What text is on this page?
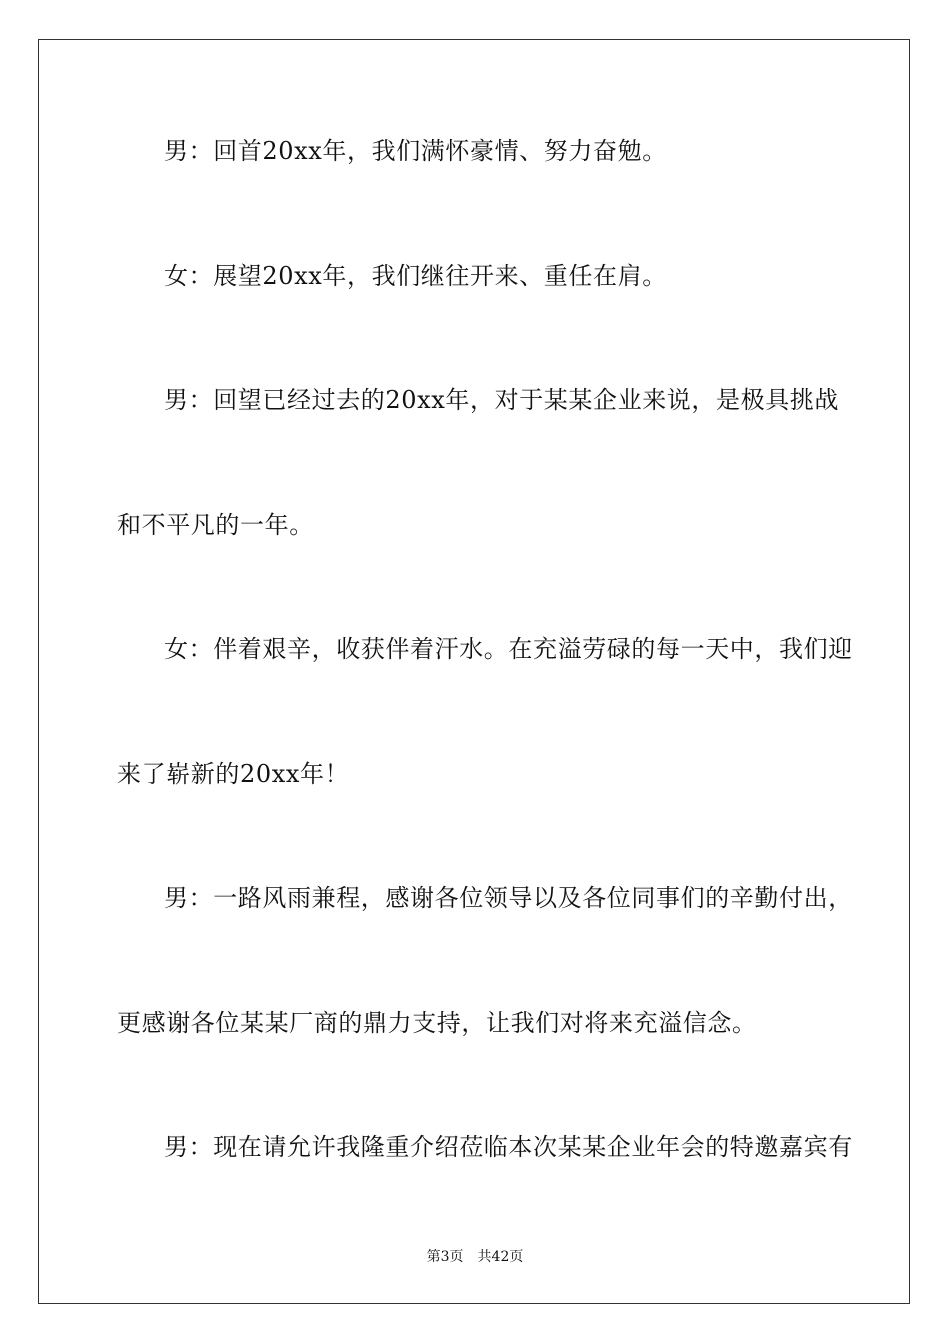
男：回首20xx年，我们满怀豪情、努力奋勉。
女：展望20xx年，我们继往开来、重任在肩。
男：回望已经过去的20xx年，对于某某企业来说，是极具挑战
和不平凡的一年。
女：伴着艰辛，收获伴着汗水。在充溢劳碌的每一天中，我们迎
来了崭新的20xx年！
男：一路风雨兼程，感谢各位领导以及各位同事们的辛勤付出，
更感谢各位某某厂商的鼎力支持，让我们对将来充溢信念。
男：现在请允许我隆重介绍莅临本次某某企业年会的特邀嘉宾有
第3页 共42页
